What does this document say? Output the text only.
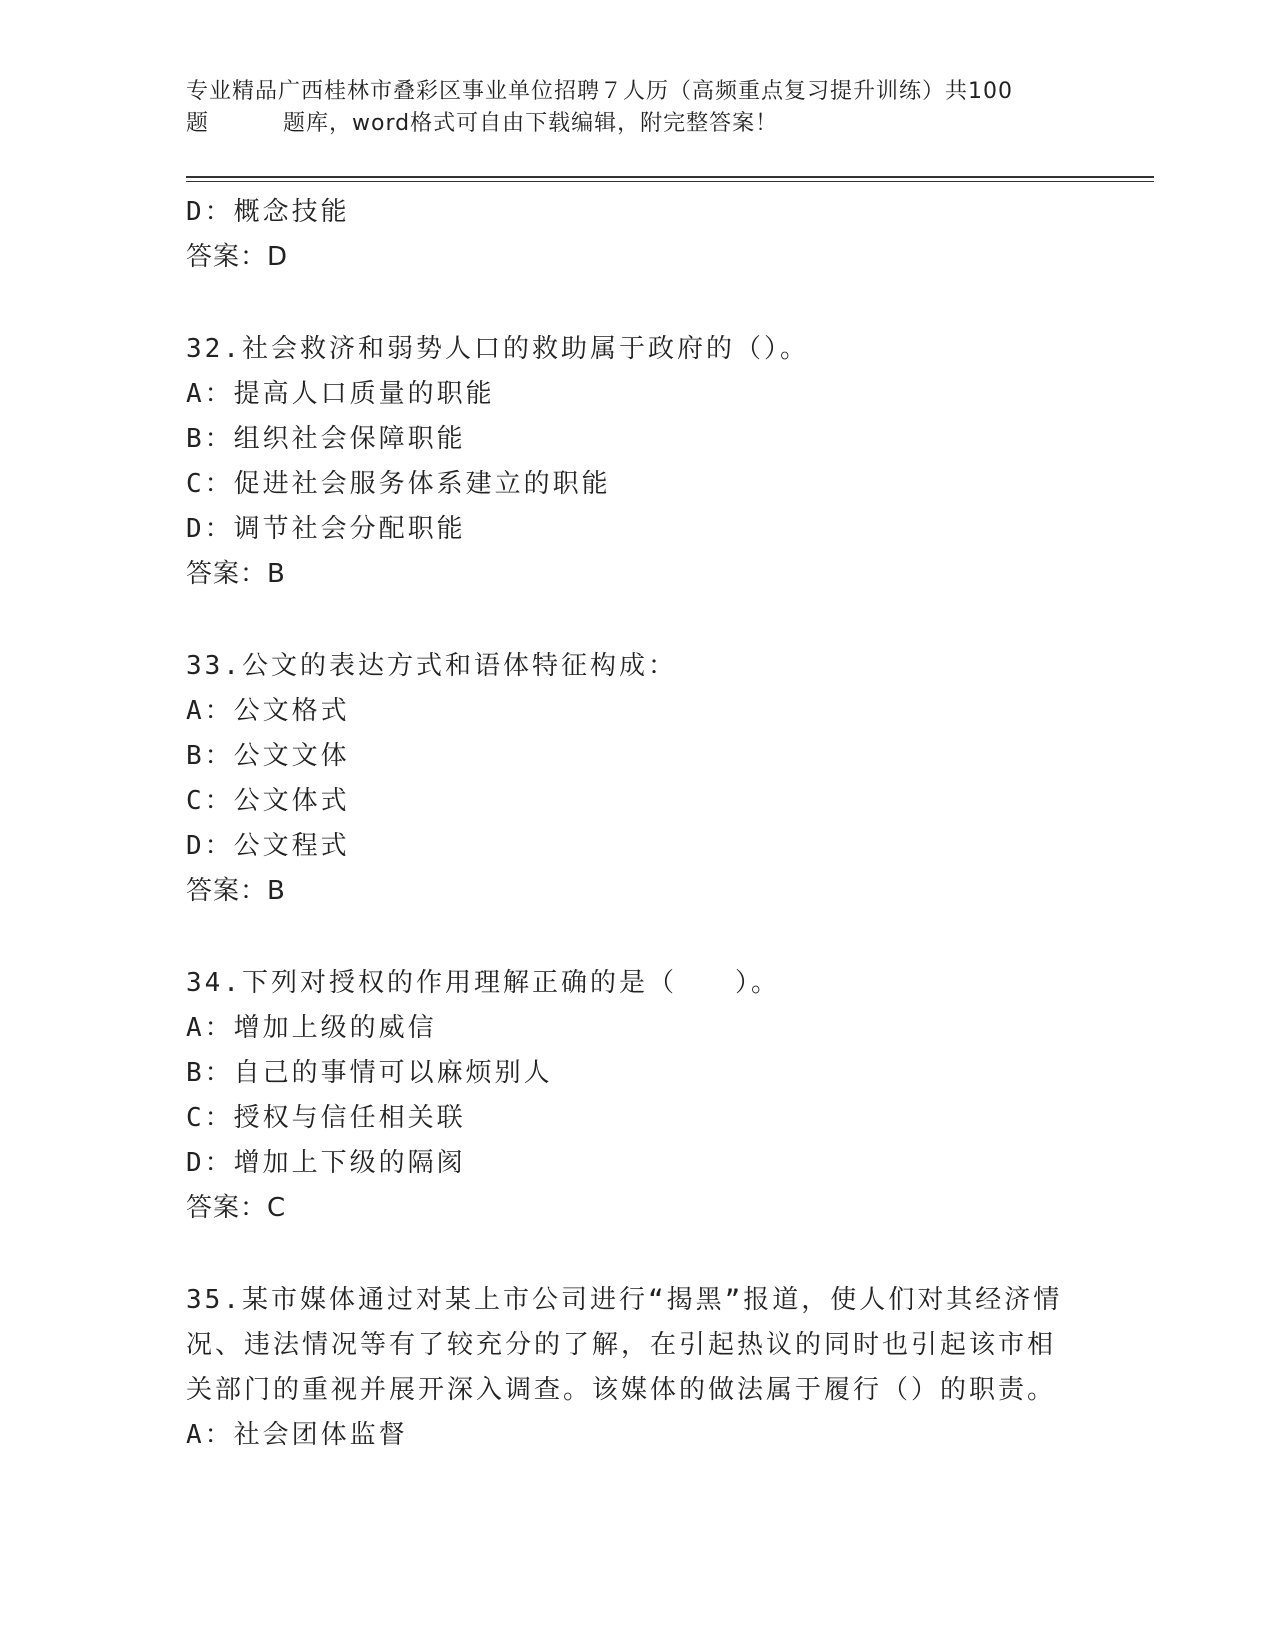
专业精品广西桂林市叠彩区事业单位招聘７人历（高频重点复习提升训练）共100
题	题库，word格式可自由下载编辑，附完整答案！
D：概念技能
答案：D
32.社会救济和弱势人口的救助属于政府的（）。
A：提高人口质量的职能
B：组织社会保障职能
C：促进社会服务体系建立的职能
D：调节社会分配职能
答案：B
33.公文的表达方式和语体特征构成：
A：公文格式
B：公文文体
C：公文体式
D：公文程式
答案：B
34.下列对授权的作用理解正确的是（　　）。
A：增加上级的威信
B：自己的事情可以麻烦别人
C：授权与信任相关联
D：增加上下级的隔阂
答案：C
35.某市媒体通过对某上市公司进行“揭黑”报道，使人们对其经济情
况、违法情况等有了较充分的了解，在引起热议的同时也引起该市相
关部门的重视并展开深入调查。该媒体的做法属于履行（）的职责。
A：社会团体监督
